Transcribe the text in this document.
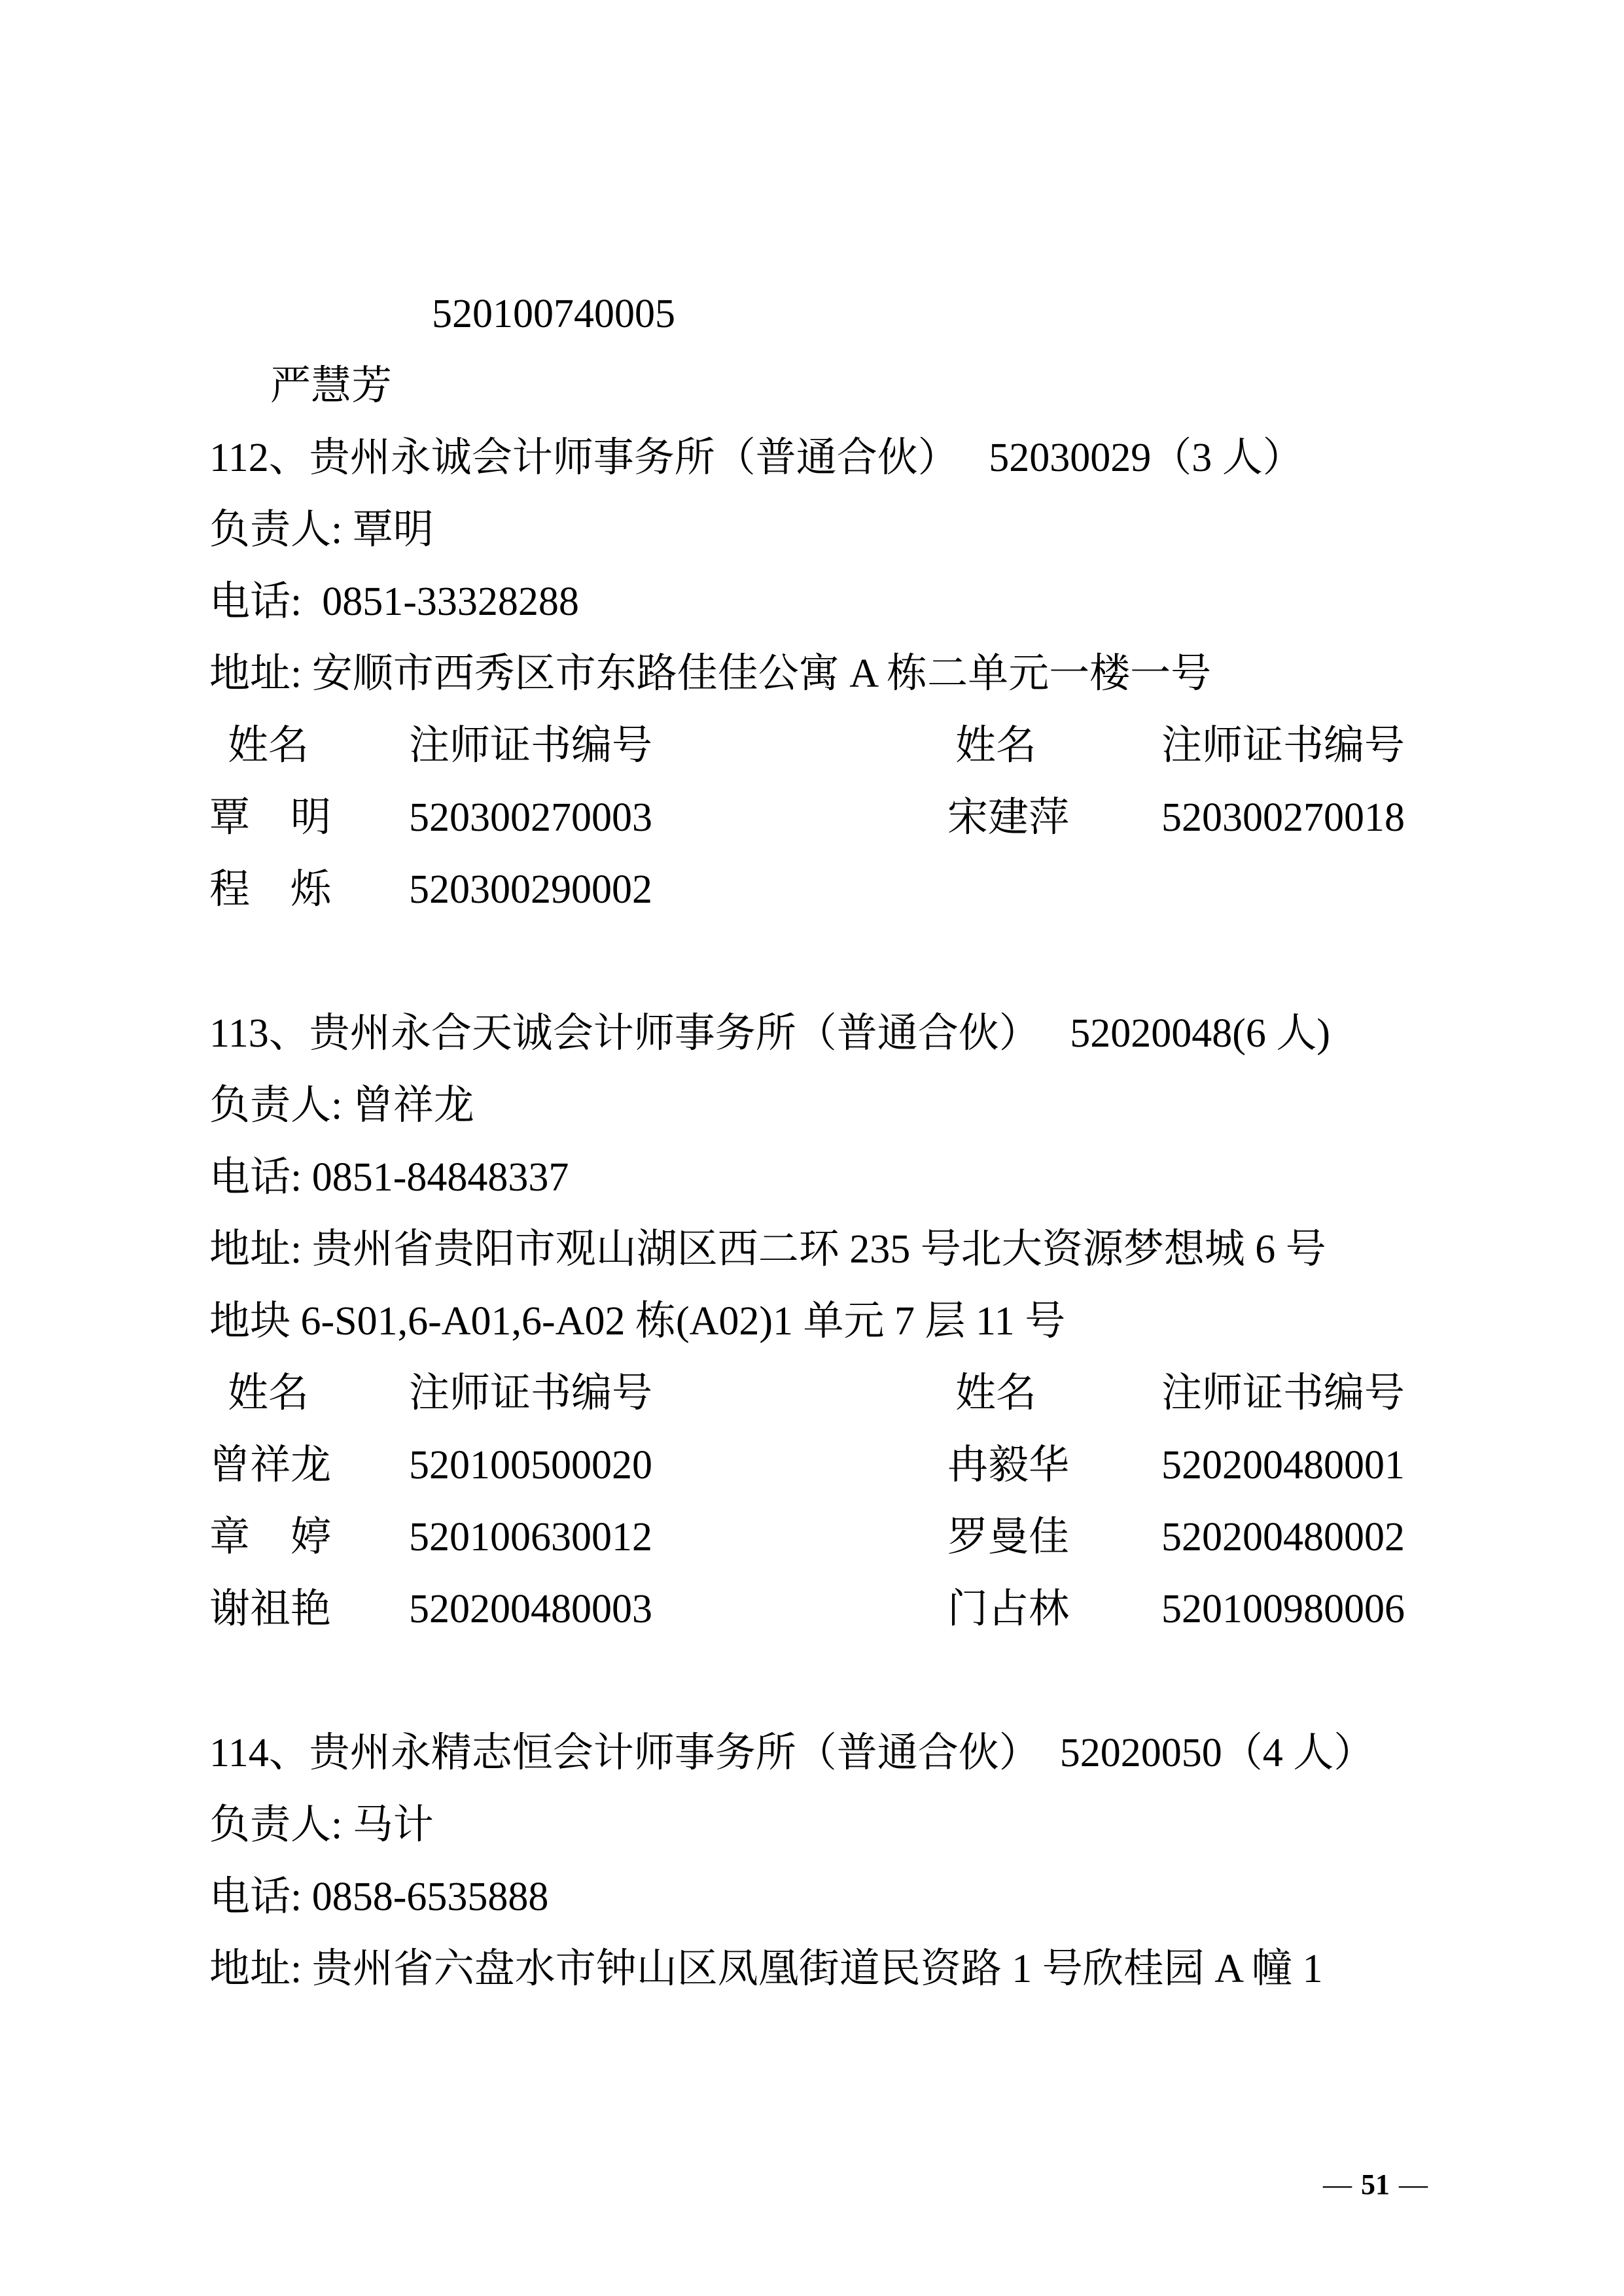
严慧芳

520100740005

112、贵州永诚会计师事务所（普通合伙）　 52030029（3 人）
负责人: 覃明
电话:  0851-33328288
地址: 安顺市西秀区市东路佳佳公寓 A 栋二单元一楼一号
姓名	注师证书编号	姓名	注师证书编号
覃　明	520300270003	宋建萍	520300270018
程　烁	520300290002
113、贵州永合天诚会计师事务所（普通合伙）　 52020048(6 人)
负责人: 曾祥龙
电话: 0851-84848337
地址: 贵州省贵阳市观山湖区西二环 235 号北大资源梦想城 6 号
地块 6-S01,6-A01,6-A02 栋(A02)1 单元 7 层 11 号
姓名	注师证书编号	姓名	注师证书编号
曾祥龙	520100500020	冉毅华	520200480001
章　婷	520100630012	罗曼佳	520200480002
谢祖艳	520200480003	门占林	520100980006
114、贵州永精志恒会计师事务所（普通合伙）　52020050（4 人）
负责人: 马计
电话: 0858-6535888
地址: 贵州省六盘水市钟山区凤凰街道民资路 1 号欣桂园 A 幢 1

— 51 —
